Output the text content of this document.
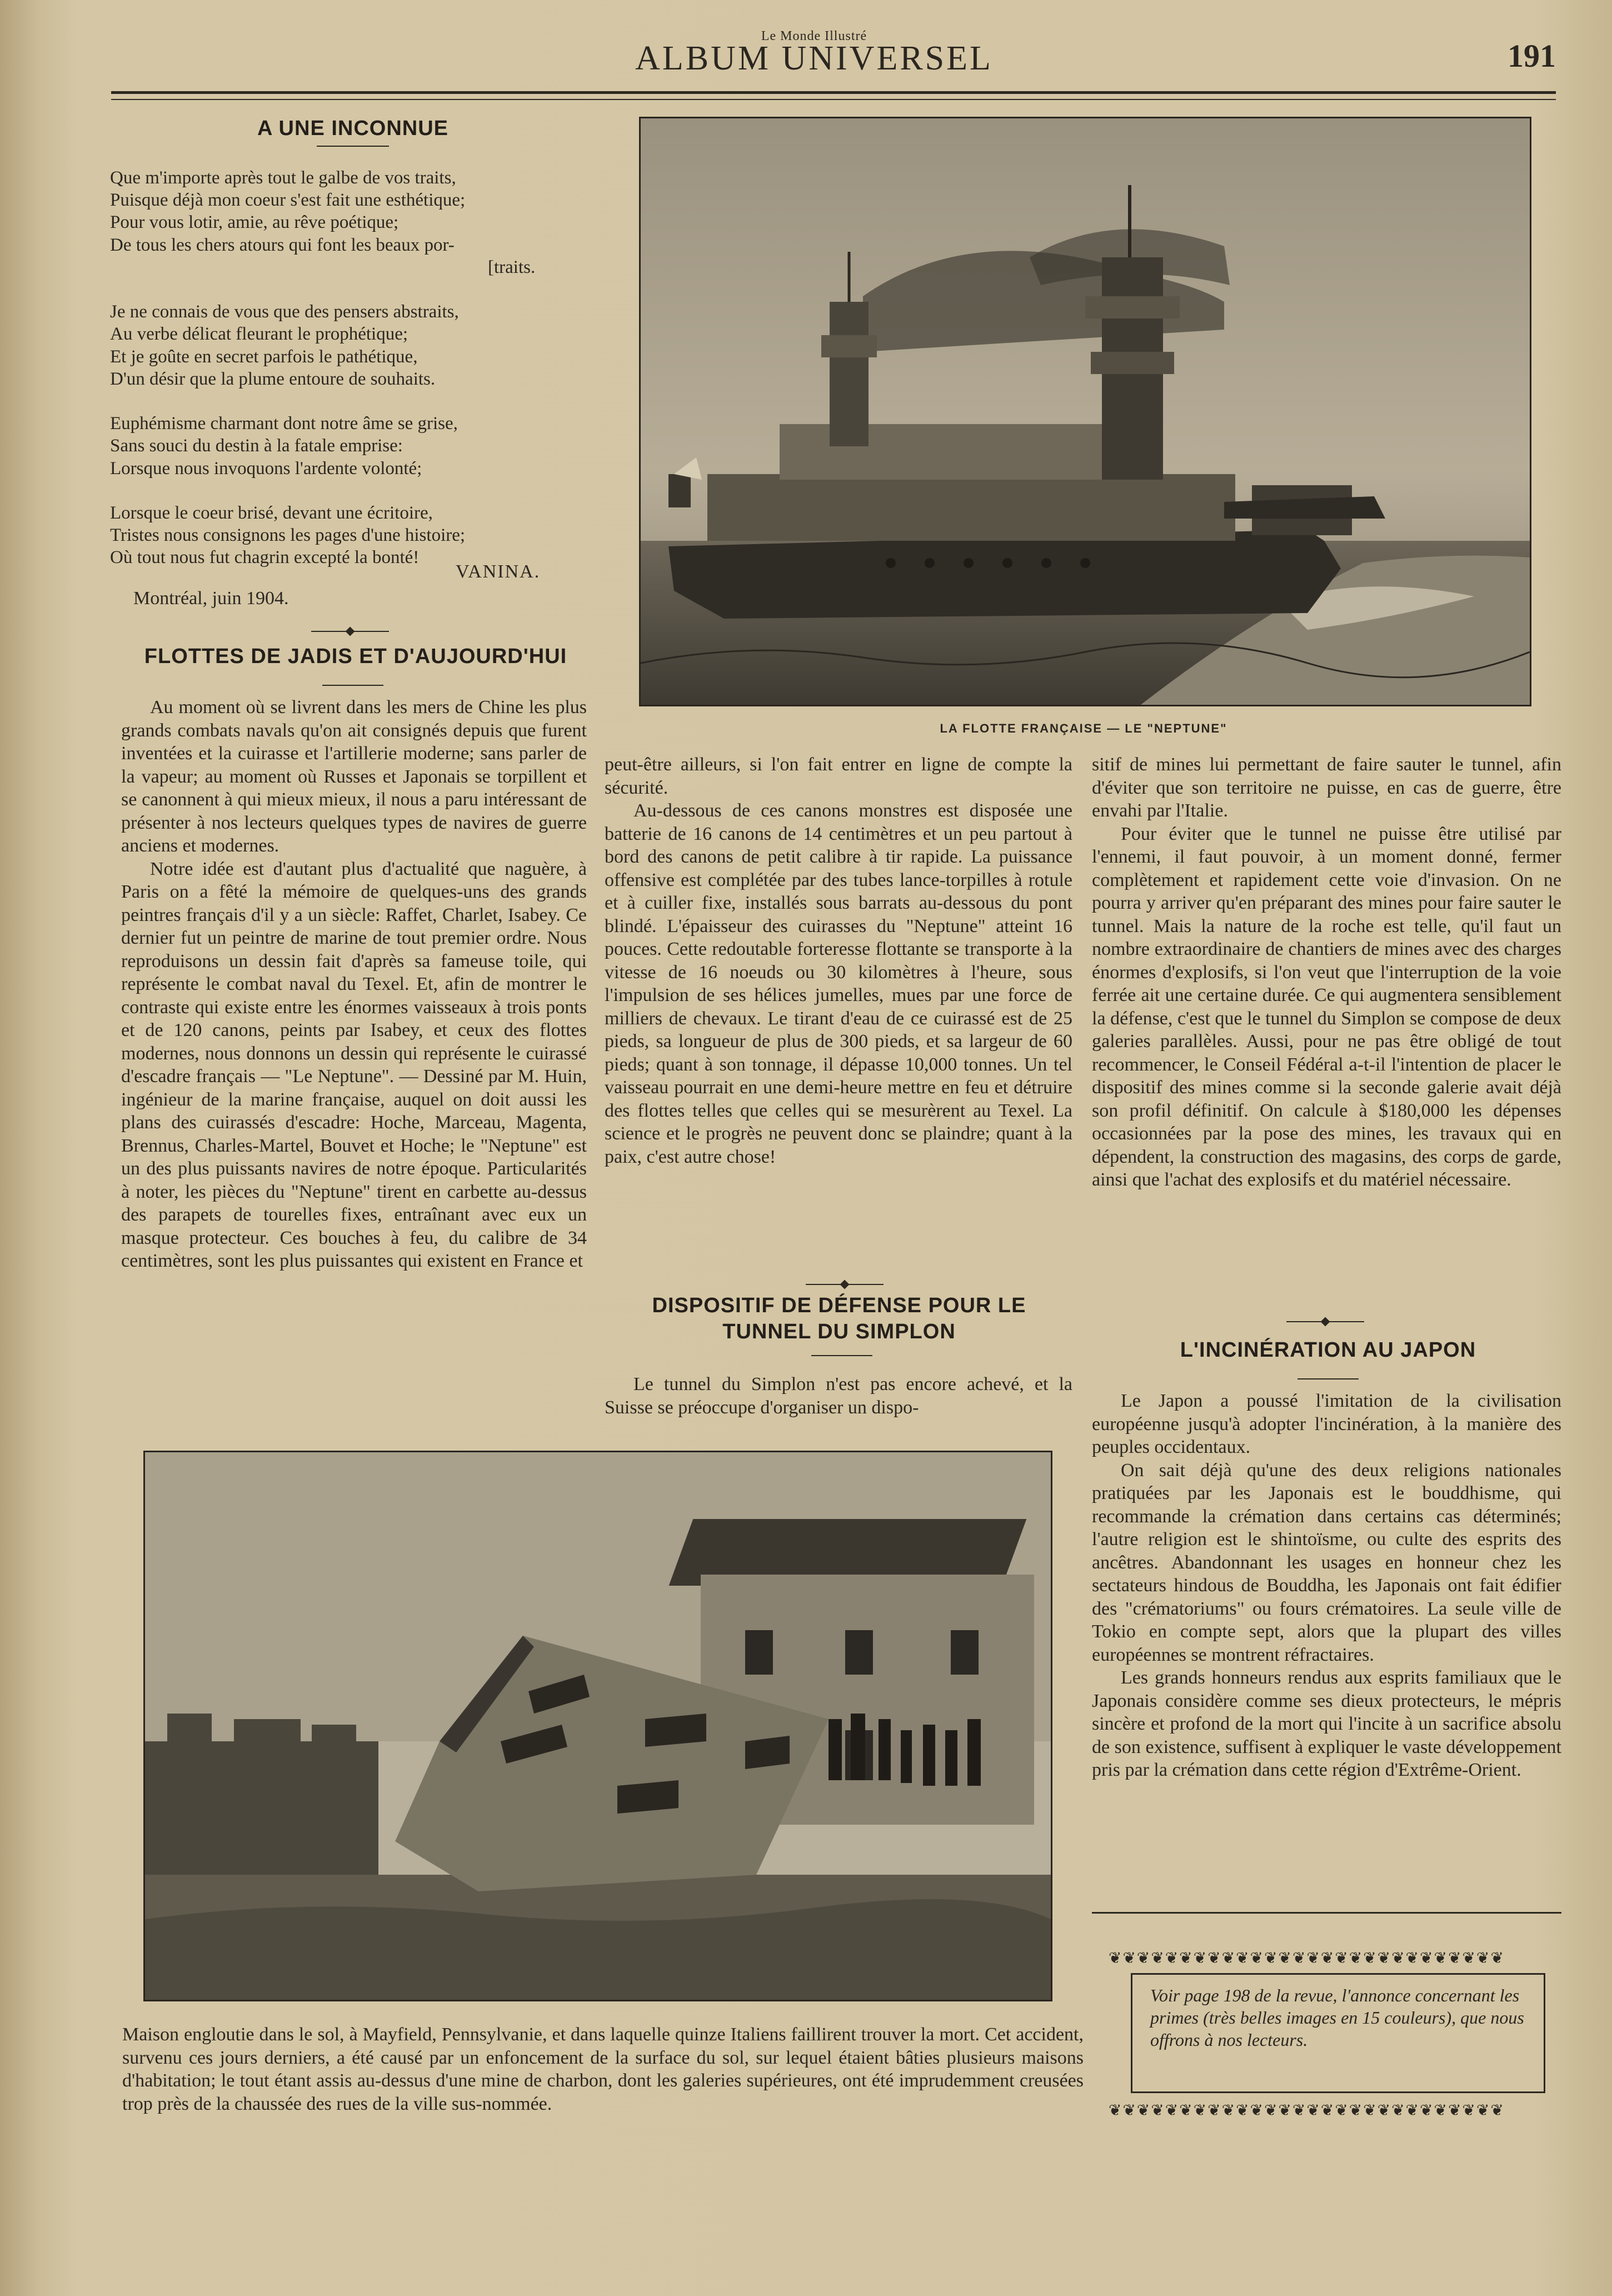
Le Monde Illustré
ALBUM UNIVERSEL	191
A UNE INCONNUE
Que m'importe après tout le galbe de vos traits,
Puisque déjà mon coeur s'est fait une esthétique;
Pour vous lotir, amie, au rêve poétique;
De tous les chers atours qui font les beaux por-
[traits.

Je ne connais de vous que des pensers abstraits,
Au verbe délicat fleurant le prophétique;
Et je goûte en secret parfois le pathétique,
D'un désir que la plume entoure de souhaits.

Euphémisme charmant dont notre âme se grise,
Sans souci du destin à la fatale emprise:
Lorsque nous invoquons l'ardente volonté;

Lorsque le coeur brisé, devant une écritoire,
Tristes nous consignons les pages d'une histoire;
Où tout nous fut chagrin excepté la bonté!
VANINA.
Montréal, juin 1904.
FLOTTES DE JADIS ET D'AUJOURD'HUI

Au moment où se livrent dans les mers de Chine les plus grands combats navals qu'on ait consignés depuis que furent inventées et la cuirasse et l'artillerie moderne; sans parler de la vapeur; au moment où Russes et Japonais se torpillent et se canonnent à qui mieux mieux, il nous a paru intéressant de présenter à nos lecteurs quelques types de navires de guerre anciens et modernes.

Notre idée est d'autant plus d'actualité que naguère, à Paris on a fêté la mémoire de quelques-uns des grands peintres français d'il y a un siècle: Raffet, Charlet, Isabey. Ce dernier fut un peintre de marine de tout premier ordre. Nous reproduisons un dessin fait d'après sa fameuse toile, qui représente le combat naval du Texel. Et, afin de montrer le contraste qui existe entre les énormes vaisseaux à trois ponts et de 120 canons, peints par Isabey, et ceux des flottes modernes, nous donnons un dessin qui représente le cuirassé d'escadre français — "Le Neptune". — Dessiné par M. Huin, ingénieur de la marine française, auquel on doit aussi les plans des cuirassés d'escadre: Hoche, Marceau, Magenta, Brennus, Charles-Martel, Bouvet et Hoche; le "Neptune" est un des plus puissants navires de notre époque. Particularités à noter, les pièces du "Neptune" tirent en carbette au-dessus des parapets de tourelles fixes, entraînant avec eux un masque protecteur. Ces bouches à feu, du calibre de 34 centimètres, sont les plus puissantes qui existent en France et

LA FLOTTE FRANÇAISE — LE "NEPTUNE"

peut-être ailleurs, si l'on fait entrer en ligne de compte la sécurité.

Au-dessous de ces canons monstres est disposée une batterie de 16 canons de 14 centimètres et un peu partout à bord des canons de petit calibre à tir rapide. La puissance offensive est complétée par des tubes lance-torpilles à rotule et à cuiller fixe, installés sous barrats au-dessous du pont blindé. L'épaisseur des cuirasses du "Neptune" atteint 16 pouces. Cette redoutable forteresse flottante se transporte à la vitesse de 16 noeuds ou 30 kilomètres à l'heure, sous l'impulsion de ses hélices jumelles, mues par une force de milliers de chevaux. Le tirant d'eau de ce cuirassé est de 25 pieds, sa longueur de plus de 300 pieds, et sa largeur de 60 pieds; quant à son tonnage, il dépasse 10,000 tonnes. Un tel vaisseau pourrait en une demi-heure mettre en feu et détruire des flottes telles que celles qui se mesurèrent au Texel. La science et le progrès ne peuvent donc se plaindre; quant à la paix, c'est autre chose!

DISPOSITIF DE DÉFENSE POUR LE
TUNNEL DU SIMPLON

Le tunnel du Simplon n'est pas encore achevé, et la Suisse se préoccupe d'organiser un dispo-

sitif de mines lui permettant de faire sauter le tunnel, afin d'éviter que son territoire ne puisse, en cas de guerre, être envahi par l'Italie.

Pour éviter que le tunnel ne puisse être utilisé par l'ennemi, il faut pouvoir, à un moment donné, fermer complètement et rapidement cette voie d'invasion. On ne pourra y arriver qu'en préparant des mines pour faire sauter le tunnel. Mais la nature de la roche est telle, qu'il faut un nombre extraordinaire de chantiers de mines avec des charges énormes d'explosifs, si l'on veut que l'interruption de la voie ferrée ait une certaine durée. Ce qui augmentera sensiblement la défense, c'est que le tunnel du Simplon se compose de deux galeries parallèles. Aussi, pour ne pas être obligé de tout recommencer, le Conseil Fédéral a-t-il l'intention de placer le dispositif des mines comme si la seconde galerie avait déjà son profil définitif. On calcule à $180,000 les dépenses occasionnées par la pose des mines, les travaux qui en dépendent, la construction des magasins, des corps de garde, ainsi que l'achat des explosifs et du matériel nécessaire.

L'INCINÉRATION AU JAPON

Le Japon a poussé l'imitation de la civilisation européenne jusqu'à adopter l'incinération, à la manière des peuples occidentaux.

On sait déjà qu'une des deux religions nationales pratiquées par les Japonais est le bouddhisme, qui recommande la crémation dans certains cas déterminés; l'autre religion est le shintoïsme, ou culte des esprits des ancêtres. Abandonnant les usages en honneur chez les sectateurs hindous de Bouddha, les Japonais ont fait édifier des "crématoriums" ou fours crématoires. La seule ville de Tokio en compte sept, alors que la plupart des villes européennes se montrent réfractaires.

Les grands honneurs rendus aux esprits familiaux que le Japonais considère comme ses dieux protecteurs, le mépris sincère et profond de la mort qui l'incite à un sacrifice absolu de son existence, suffisent à expliquer le vaste développement pris par la crémation dans cette région d'Extrême-Orient.

❦❦❦❦❦❦❦❦❦❦❦❦❦❦❦❦❦❦❦❦❦❦❦❦❦❦❦❦
❦❦❦❦❦❦❦❦❦❦❦❦❦❦❦❦❦❦❦❦❦❦❦❦❦❦❦❦
Voir page 198 de la revue, l'annonce concernant les primes (très belles images en 15 couleurs), que nous offrons à nos lecteurs.
Maison engloutie dans le sol, à Mayfield, Pennsylvanie, et dans laquelle quinze Italiens faillirent trouver la mort. Cet accident, survenu ces jours derniers, a été causé par un enfoncement de la surface du sol, sur lequel étaient bâties plusieurs maisons d'habitation; le tout étant assis au-dessus d'une mine de charbon, dont les galeries supérieures, ont été imprudemment creusées trop près de la chaussée des rues de la ville sus-nommée.
